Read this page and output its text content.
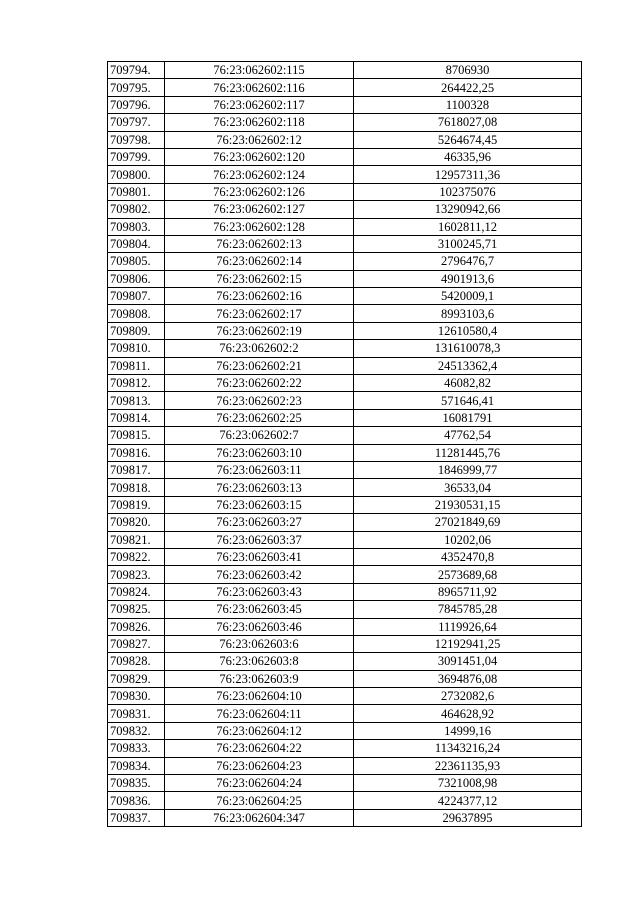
709794.	76:23:062602:115	8706930
709795.	76:23:062602:116	264422,25
709796.	76:23:062602:117	1100328
709797.	76:23:062602:118	7618027,08
709798.	76:23:062602:12	5264674,45
709799.	76:23:062602:120	46335,96
709800.	76:23:062602:124	12957311,36
709801.	76:23:062602:126	102375076
709802.	76:23:062602:127	13290942,66
709803.	76:23:062602:128	1602811,12
709804.	76:23:062602:13	3100245,71
709805.	76:23:062602:14	2796476,7
709806.	76:23:062602:15	4901913,6
709807.	76:23:062602:16	5420009,1
709808.	76:23:062602:17	8993103,6
709809.	76:23:062602:19	12610580,4
709810.	76:23:062602:2	131610078,3
709811.	76:23:062602:21	24513362,4
709812.	76:23:062602:22	46082,82
709813.	76:23:062602:23	571646,41
709814.	76:23:062602:25	16081791
709815.	76:23:062602:7	47762,54
709816.	76:23:062603:10	11281445,76
709817.	76:23:062603:11	1846999,77
709818.	76:23:062603:13	36533,04
709819.	76:23:062603:15	21930531,15
709820.	76:23:062603:27	27021849,69
709821.	76:23:062603:37	10202,06
709822.	76:23:062603:41	4352470,8
709823.	76:23:062603:42	2573689,68
709824.	76:23:062603:43	8965711,92
709825.	76:23:062603:45	7845785,28
709826.	76:23:062603:46	1119926,64
709827.	76:23:062603:6	12192941,25
709828.	76:23:062603:8	3091451,04
709829.	76:23:062603:9	3694876,08
709830.	76:23:062604:10	2732082,6
709831.	76:23:062604:11	464628,92
709832.	76:23:062604:12	14999,16
709833.	76:23:062604:22	11343216,24
709834.	76:23:062604:23	22361135,93
709835.	76:23:062604:24	7321008,98
709836.	76:23:062604:25	4224377,12
709837.	76:23:062604:347	29637895
